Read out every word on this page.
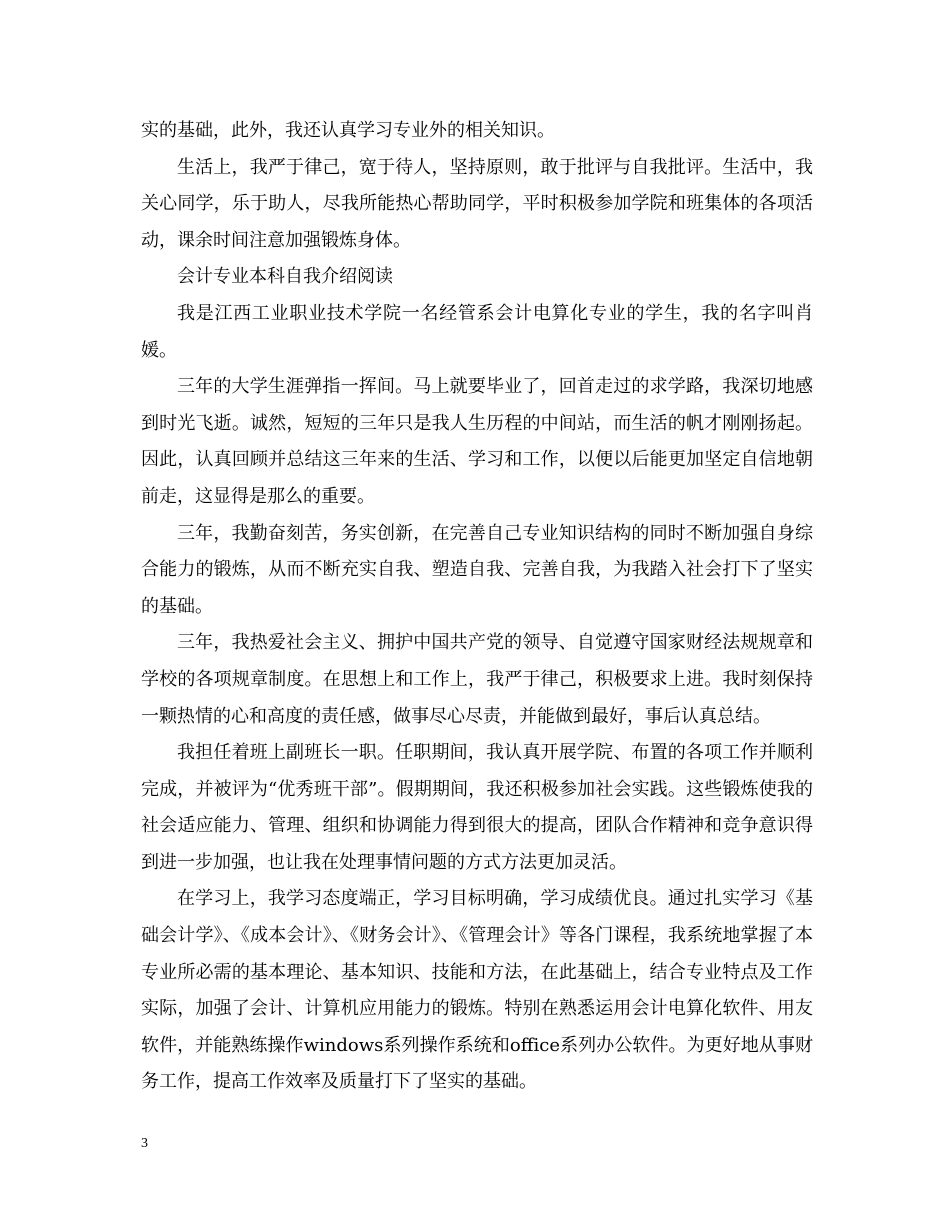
实的基础，此外，我还认真学习专业外的相关知识。

生活上，我严于律己，宽于待人，坚持原则，敢于批评与自我批评。生活中，我关心同学，乐于助人，尽我所能热心帮助同学，平时积极参加学院和班集体的各项活动，课余时间注意加强锻炼身体。

会计专业本科自我介绍阅读

我是江西工业职业技术学院一名经管系会计电算化专业的学生，我的名字叫肖媛。

三年的大学生涯弹指一挥间。马上就要毕业了，回首走过的求学路，我深切地感到时光飞逝。诚然，短短的三年只是我人生历程的中间站，而生活的帆才刚刚扬起。因此，认真回顾并总结这三年来的生活、学习和工作，以便以后能更加坚定自信地朝前走，这显得是那么的重要。

三年，我勤奋刻苦，务实创新，在完善自己专业知识结构的同时不断加强自身综合能力的锻炼，从而不断充实自我、塑造自我、完善自我，为我踏入社会打下了坚实的基础。

三年，我热爱社会主义、拥护中国共产党的领导、自觉遵守国家财经法规规章和学校的各项规章制度。在思想上和工作上，我严于律己，积极要求上进。我时刻保持一颗热情的心和高度的责任感，做事尽心尽责，并能做到最好，事后认真总结。

我担任着班上副班长一职。任职期间，我认真开展学院、布置的各项工作并顺利完成，并被评为“优秀班干部”。假期期间，我还积极参加社会实践。这些锻炼使我的社会适应能力、管理、组织和协调能力得到很大的提高，团队合作精神和竞争意识得到进一步加强，也让我在处理事情问题的方式方法更加灵活。

在学习上，我学习态度端正，学习目标明确，学习成绩优良。通过扎实学习《基础会计学》、《成本会计》、《财务会计》、《管理会计》等各门课程，我系统地掌握了本专业所必需的基本理论、基本知识、技能和方法，在此基础上，结合专业特点及工作实际，加强了会计、计算机应用能力的锻炼。特别在熟悉运用会计电算化软件、用友软件，并能熟练操作windows系列操作系统和office系列办公软件。为更好地从事财务工作，提高工作效率及质量打下了坚实的基础。

3
